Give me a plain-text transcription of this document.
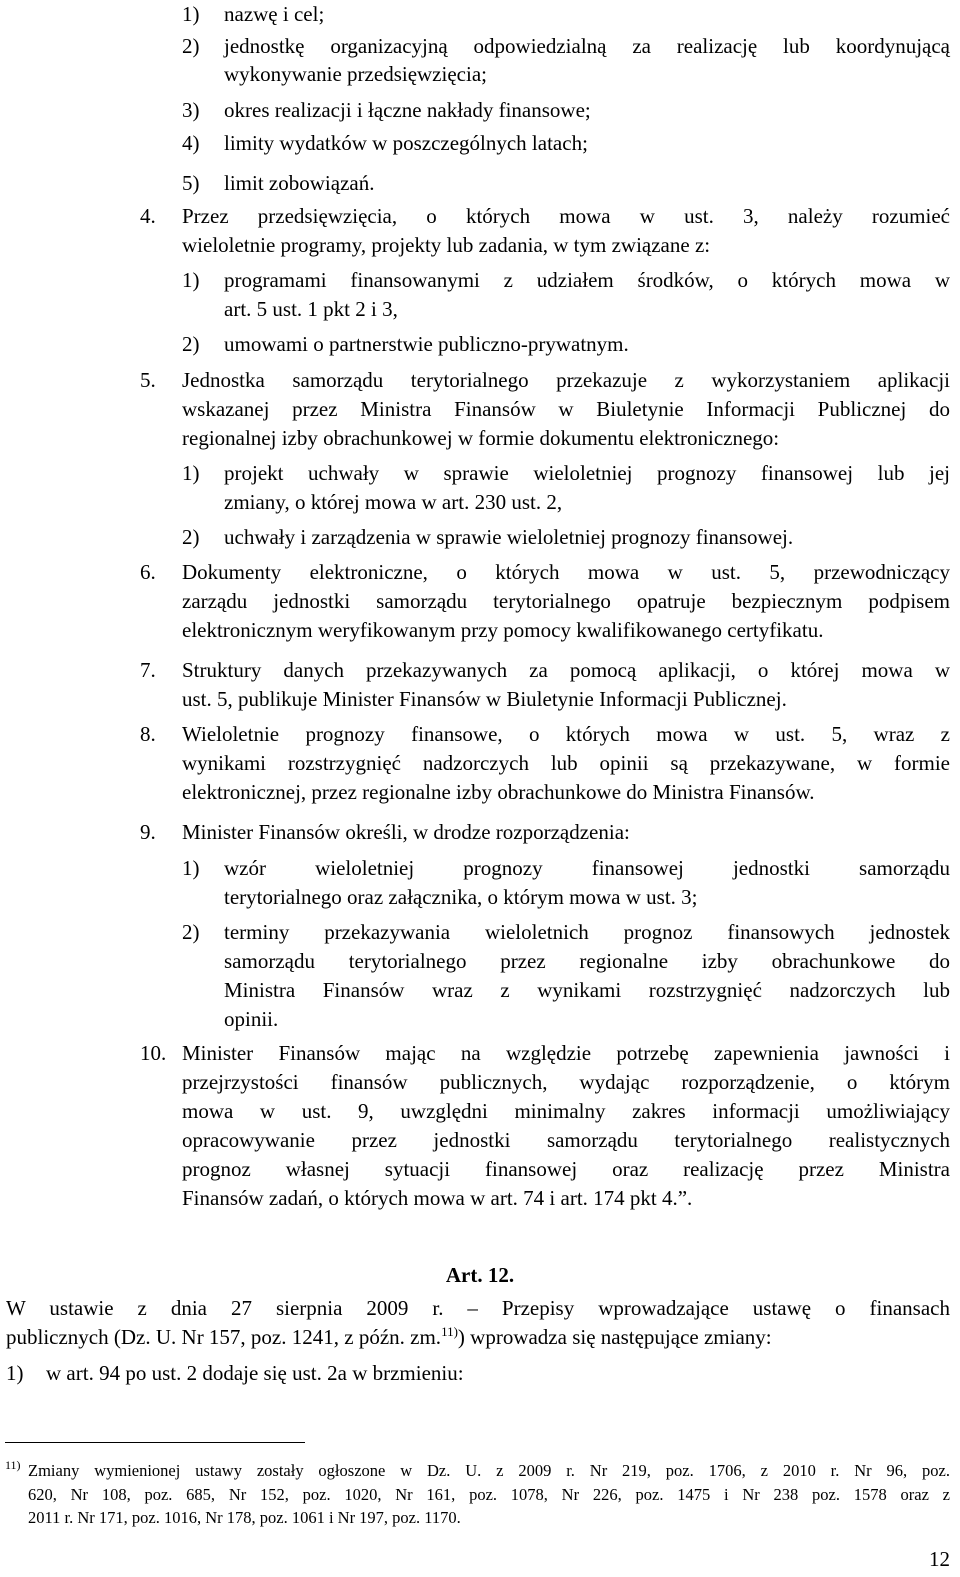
1) nazwę i cel;
2) jednostkę organizacyjną odpowiedzialną za realizację lub koordynującą
wykonywanie przedsięwzięcia;
3) okres realizacji i łączne nakłady finansowe;
4) limity wydatków w poszczególnych latach;
5) limit zobowiązań.
4. Przez przedsięwzięcia, o których mowa w ust. 3, należy rozumieć
wieloletnie programy, projekty lub zadania, w tym związane z:
1) programami finansowanymi z udziałem środków, o których mowa w
art. 5 ust. 1 pkt 2 i 3,
2) umowami o partnerstwie publiczno-prywatnym.
5. Jednostka samorządu terytorialnego przekazuje z wykorzystaniem aplikacji
wskazanej przez Ministra Finansów w Biuletynie Informacji Publicznej do
regionalnej izby obrachunkowej w formie dokumentu elektronicznego:
1) projekt uchwały w sprawie wieloletniej prognozy finansowej lub jej
zmiany, o której mowa w art. 230 ust. 2,
2) uchwały i zarządzenia w sprawie wieloletniej prognozy finansowej.
6. Dokumenty elektroniczne, o których mowa w ust. 5, przewodniczący
zarządu jednostki samorządu terytorialnego opatruje bezpiecznym podpisem
elektronicznym weryfikowanym przy pomocy kwalifikowanego certyfikatu.
7. Struktury danych przekazywanych za pomocą aplikacji, o której mowa w
ust. 5, publikuje Minister Finansów w Biuletynie Informacji Publicznej.
8. Wieloletnie prognozy finansowe, o których mowa w ust. 5, wraz z
wynikami rozstrzygnięć nadzorczych lub opinii są przekazywane, w formie
elektronicznej, przez regionalne izby obrachunkowe do Ministra Finansów.
9. Minister Finansów określi, w drodze rozporządzenia:
1) wzór wieloletniej prognozy finansowej jednostki samorządu
terytorialnego oraz załącznika, o którym mowa w ust. 3;
2) terminy przekazywania wieloletnich prognoz finansowych jednostek
samorządu terytorialnego przez regionalne izby obrachunkowe do
Ministra Finansów wraz z wynikami rozstrzygnięć nadzorczych lub
opinii.
10. Minister Finansów mając na względzie potrzebę zapewnienia jawności i
przejrzystości finansów publicznych, wydając rozporządzenie, o którym
mowa w ust. 9, uwzględni minimalny zakres informacji umożliwiający
opracowywanie przez jednostki samorządu terytorialnego realistycznych
prognoz własnej sytuacji finansowej oraz realizację przez Ministra
Finansów zadań, o których mowa w art. 74 i art. 174 pkt 4.”.
Art. 12.
W ustawie z dnia 27 sierpnia 2009 r. – Przepisy wprowadzające ustawę o finansach
publicznych (Dz. U. Nr 157, poz. 1241, z późn. zm.$^{11)}$) wprowadza się następujące zmiany:
1) w art. 94 po ust. 2 dodaje się ust. 2a w brzmieniu:
11) Zmiany wymienionej ustawy zostały ogłoszone w Dz. U. z 2009 r. Nr 219, poz. 1706, z 2010 r. Nr 96, poz.
620, Nr 108, poz. 685, Nr 152, poz. 1020, Nr 161, poz. 1078, Nr 226, poz. 1475 i Nr 238 poz. 1578 oraz z
2011 r. Nr 171, poz. 1016, Nr 178, poz. 1061 i Nr 197, poz. 1170.
12
